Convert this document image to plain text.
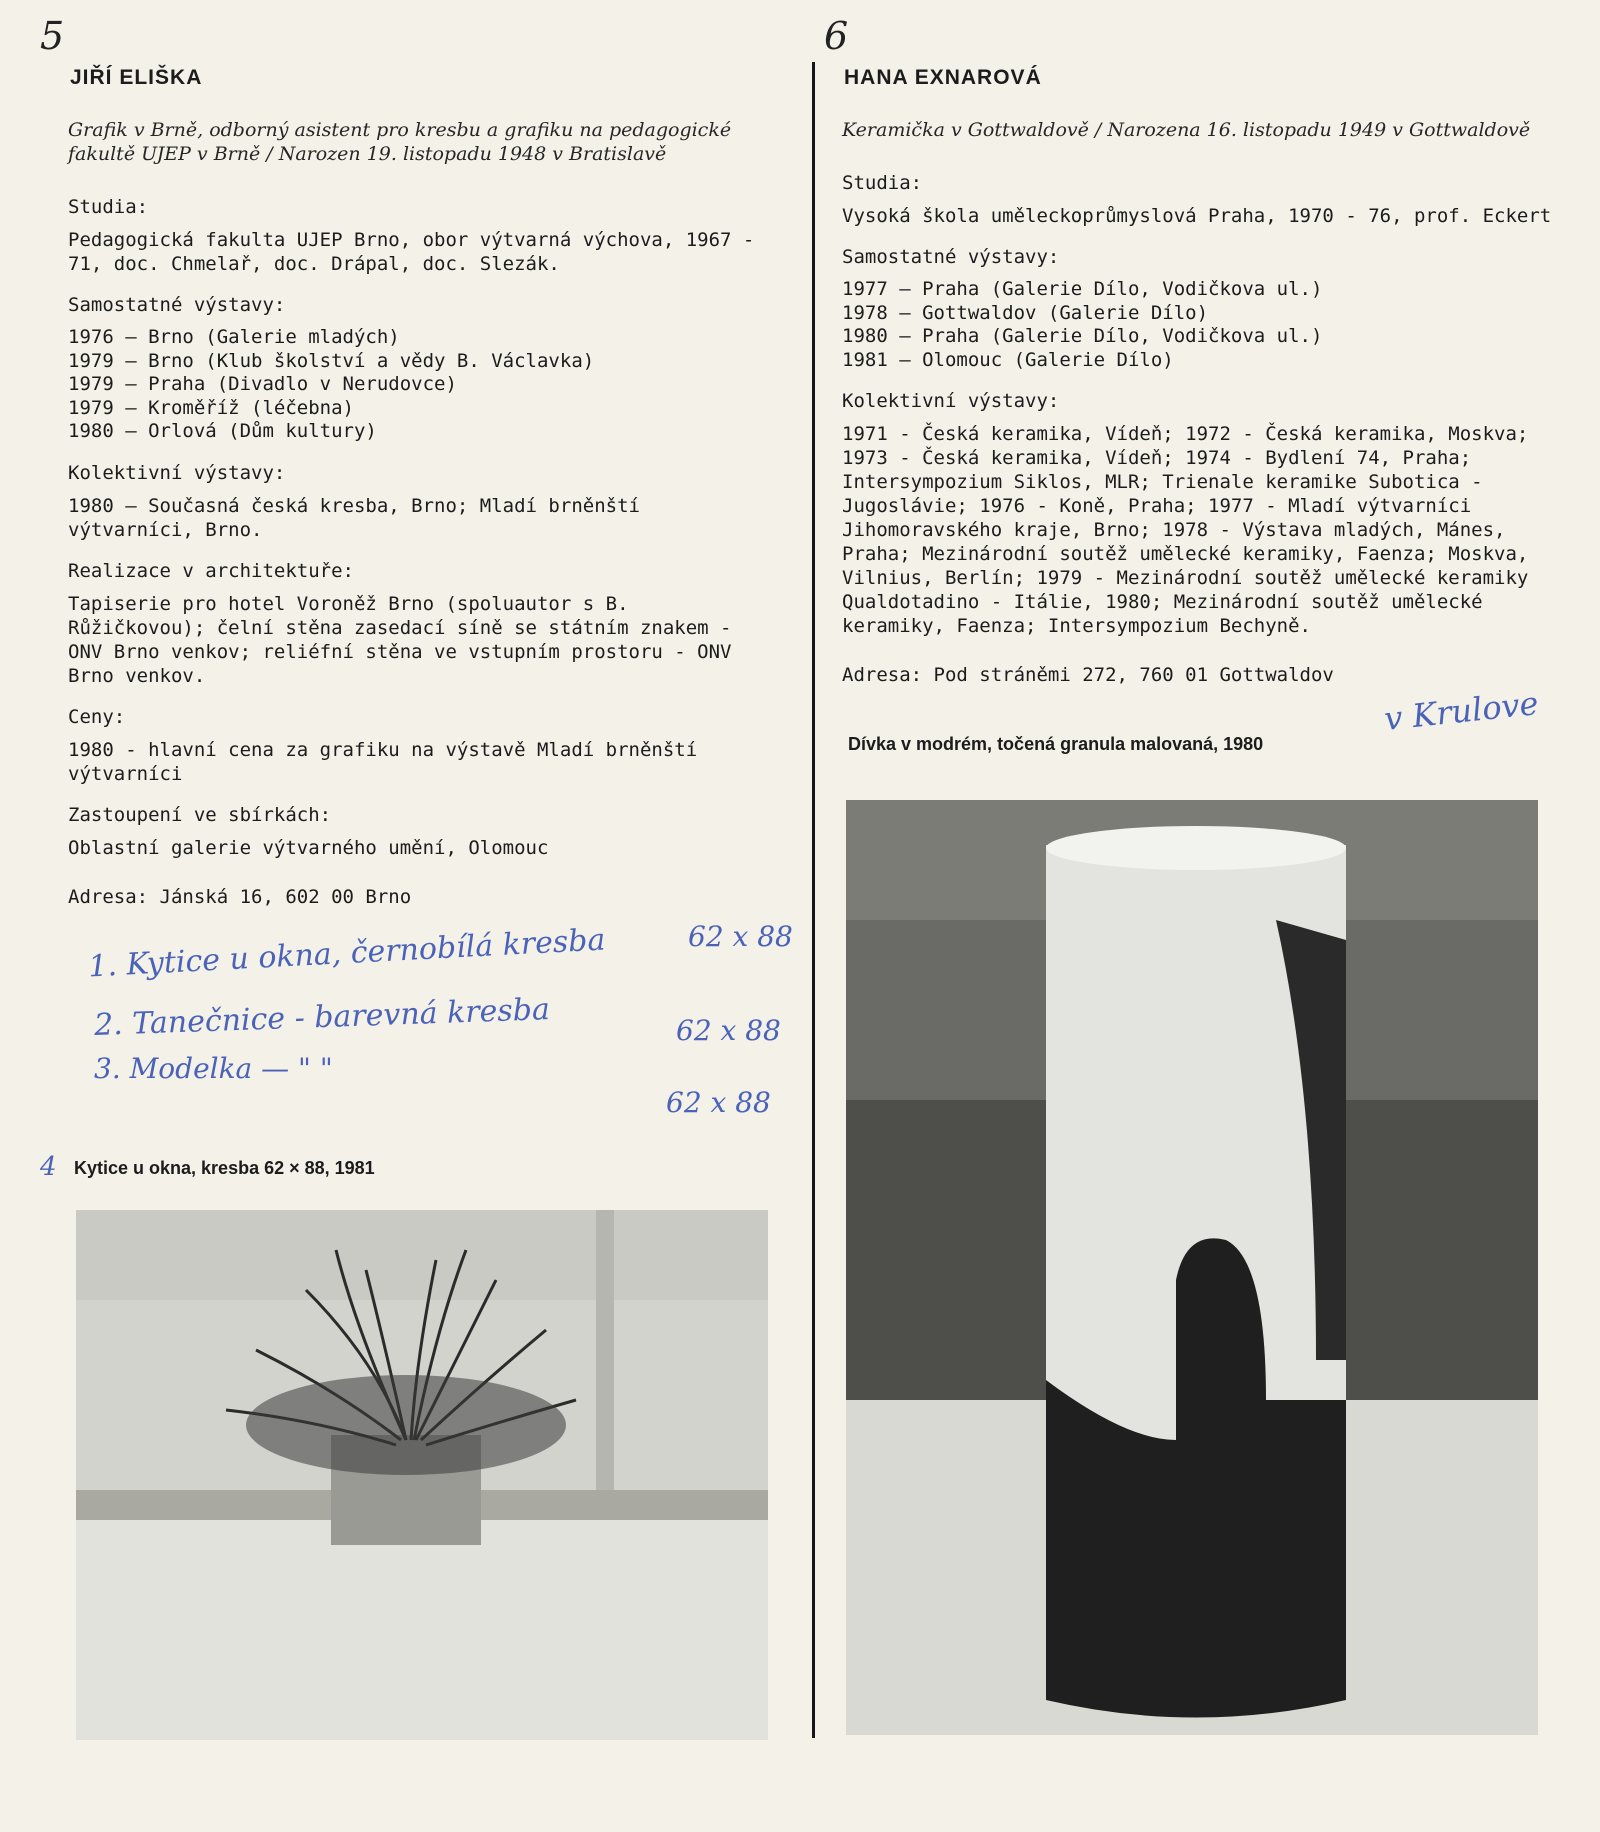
5	6
JIŘÍ ELIŠKA
Grafik v Brně, odborný asistent pro kresbu a grafiku na pedagogické fakultě UJEP v Brně / Narozen 19. listopadu 1948 v Bratislavě
Studia:
Pedagogická fakulta UJEP Brno, obor výtvarná výchova, 1967 - 71, doc. Chmelař, doc. Drápal, doc. Slezák.
Samostatné výstavy:
1976 — Brno (Galerie mladých)
1979 — Brno (Klub školství a vědy B. Václavka)
1979 — Praha (Divadlo v Nerudovce)
1979 — Kroměříž (léčebna)
1980 — Orlová (Dům kultury)
Kolektivní výstavy:
1980 — Současná česká kresba, Brno; Mladí brněnští výtvarníci, Brno.
Realizace v architektuře:
Tapiserie pro hotel Voroněž Brno (spoluautor s B. Růžičkovou); čelní stěna zasedací síně se státním znakem - ONV Brno venkov; reliéfní stěna ve vstupním prostoru - ONV Brno venkov.
Ceny:
1980 - hlavní cena za grafiku na výstavě Mladí brněnští výtvarníci
Zastoupení ve sbírkách:
Oblastní galerie výtvarného umění, Olomouc
Adresa: Jánská 16, 602 00 Brno
1. Kytice u okna, černobílá kresba
2. Tanečnice - barevná kresba
3. Modelka — " "
62 x 88
62 x 88
62 x 88
4 Kytice u okna, kresba 62 × 88, 1981
HANA EXNAROVÁ
Keramička v Gottwaldově / Narozena 16. listopadu 1949 v Gottwaldově
Studia:
Vysoká škola uměleckoprůmyslová Praha, 1970 - 76, prof. Eckert
Samostatné výstavy:
1977 — Praha (Galerie Dílo, Vodičkova ul.)
1978 — Gottwaldov (Galerie Dílo)
1980 — Praha (Galerie Dílo, Vodičkova ul.)
1981 — Olomouc (Galerie Dílo)
Kolektivní výstavy:
1971 - Česká keramika, Vídeň; 1972 - Česká keramika, Moskva; 1973 - Česká keramika, Vídeň; 1974 - Bydlení 74, Praha; Intersympozium Siklos, MLR; Trienale keramike Subotica - Jugoslávie; 1976 - Koně, Praha; 1977 - Mladí výtvarníci Jihomoravského kraje, Brno; 1978 - Výstava mladých, Mánes, Praha; Mezinárodní soutěž umělecké keramiky, Faenza; Moskva, Vilnius, Berlín; 1979 - Mezinárodní soutěž umělecké keramiky Qualdotadino - Itálie, 1980; Mezinárodní soutěž umělecké keramiky, Faenza; Intersympozium Bechyně.
Adresa: Pod stráněmi 272, 760 01 Gottwaldov
v Krulove
Dívka v modrém, točená granula malovaná, 1980
